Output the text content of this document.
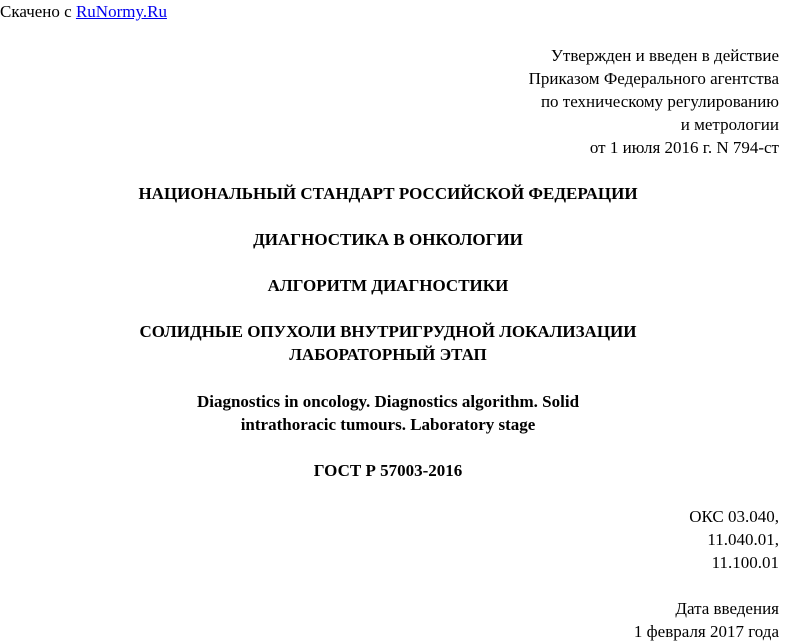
Скачено с RuNormy.Ru
Утвержден и введен в действие
Приказом Федерального агентства
по техническому регулированию
и метрологии
от 1 июля 2016 г. N 794-ст
НАЦИОНАЛЬНЫЙ СТАНДАРТ РОССИЙСКОЙ ФЕДЕРАЦИИ
ДИАГНОСТИКА В ОНКОЛОГИИ
АЛГОРИТМ ДИАГНОСТИКИ
СОЛИДНЫЕ ОПУХОЛИ ВНУТРИГРУДНОЙ ЛОКАЛИЗАЦИИ
ЛАБОРАТОРНЫЙ ЭТАП
Diagnostics in oncology. Diagnostics algorithm. Solid
intrathoracic tumours. Laboratory stage
ГОСТ Р 57003-2016
ОКС 03.040,
11.040.01,
11.100.01
Дата введения
1 февраля 2017 года
